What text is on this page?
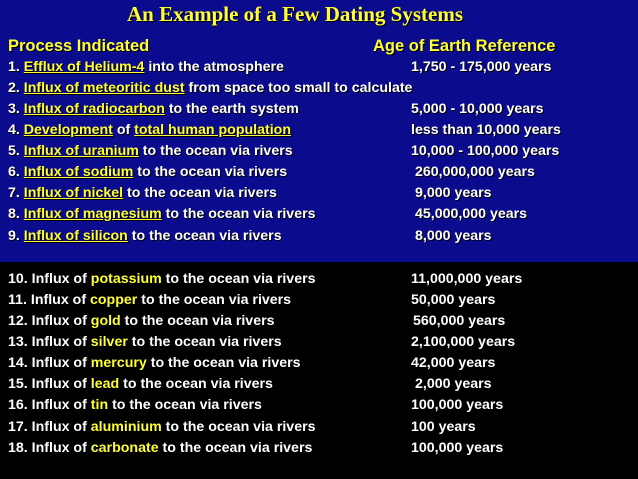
An Example of a Few Dating Systems
Process Indicated	Age of Earth Reference
1. Efflux of Helium-4 into the atmosphere	1,750 - 175,000 years
2. Influx of meteoritic dust from space too small to calculate
3. Influx of radiocarbon to the earth system	5,000 - 10,000 years
4. Development of total human population	less than 10,000 years
5. Influx of uranium to the ocean via rivers	10,000 - 100,000 years
6. Influx of sodium to the ocean via rivers	260,000,000 years
7. Influx of nickel to the ocean via rivers	9,000 years
8. Influx of magnesium to the ocean via rivers	45,000,000 years
9. Influx of silicon to the ocean via rivers	8,000 years
10. Influx of potassium to the ocean via rivers	11,000,000 years
11. Influx of copper to the ocean via rivers	50,000 years
12. Influx of gold to the ocean via rivers	560,000 years
13. Influx of silver to the ocean via rivers	2,100,000 years
14. Influx of mercury to the ocean via rivers	42,000 years
15. Influx of lead to the ocean via rivers	2,000 years
16. Influx of tin to the ocean via rivers	100,000 years
17. Influx of aluminium to the ocean via rivers	100 years
18. Influx of carbonate to the ocean via rivers	100,000 years
